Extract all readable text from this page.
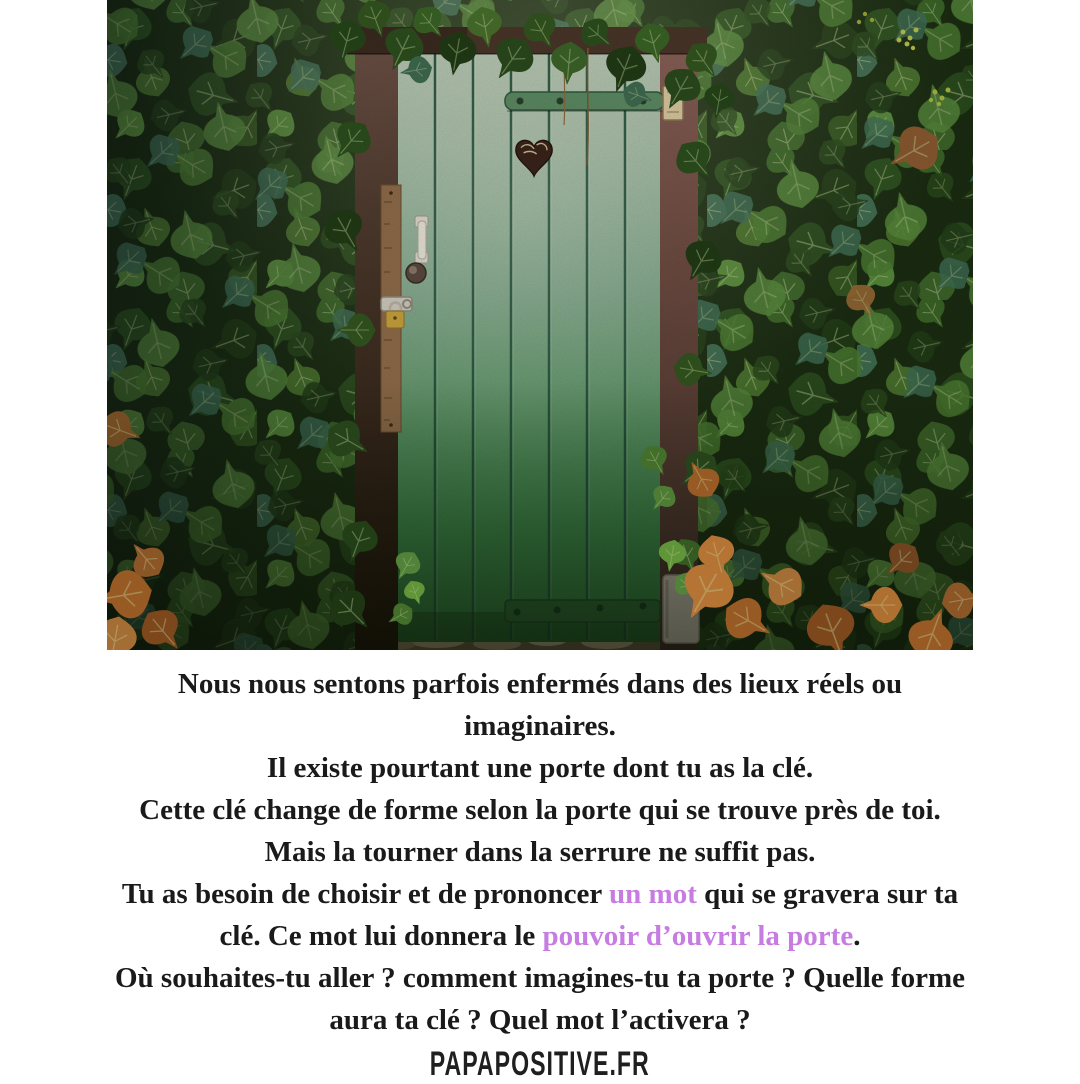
Nous nous sentons parfois enfermés dans des lieux réels ou
imaginaires.
Il existe pourtant une porte dont tu as la clé.
Cette clé change de forme selon la porte qui se trouve près de toi.
Mais la tourner dans la serrure ne suffit pas.
Tu as besoin de choisir et de prononcer un mot qui se gravera sur ta
clé. Ce mot lui donnera le pouvoir d’ouvrir la porte.
Où souhaites-tu aller ? comment imagines-tu ta porte ? Quelle forme
aura ta clé ? Quel mot l’activera ?
PAPAPOSITIVE.FR
